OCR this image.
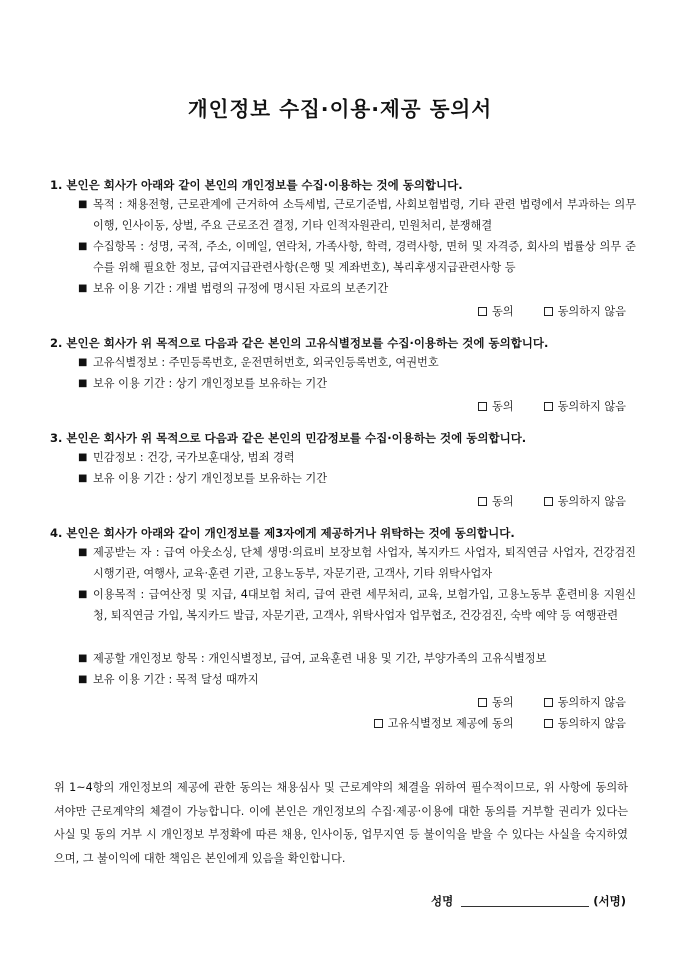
개인정보 수집·이용·제공 동의서
1. 본인은 회사가 아래와 같이 본인의 개인정보를 수집·이용하는 것에 동의합니다.
■ 목적 : 채용전형, 근로관계에 근거하여 소득세법, 근로기준법, 사회보험법령, 기타 관련 법령에서 부과하는 의무 이행, 인사이동, 상벌, 주요 근로조건 결정, 기타 인적자원관리, 민원처리, 분쟁해결
■ 수집항목 : 성명, 국적, 주소, 이메일, 연락처, 가족사항, 학력, 경력사항, 면허 및 자격증, 회사의 법률상 의무 준수를 위해 필요한 정보, 급여지급관련사항(은행 및 계좌번호), 복리후생지급관련사항 등
■ 보유 이용 기간 : 개별 법령의 규정에 명시된 자료의 보존기간
동의	동의하지 않음
2. 본인은 회사가 위 목적으로 다음과 같은 본인의 고유식별정보를 수집·이용하는 것에 동의합니다.
■ 고유식별정보 : 주민등록번호, 운전면허번호, 외국인등록번호, 여권번호
■ 보유 이용 기간 : 상기 개인정보를 보유하는 기간
동의	동의하지 않음
3. 본인은 회사가 위 목적으로 다음과 같은 본인의 민감정보를 수집·이용하는 것에 동의합니다.
■ 민감정보 : 건강, 국가보훈대상, 범죄 경력
■ 보유 이용 기간 : 상기 개인정보를 보유하는 기간
동의	동의하지 않음
4. 본인은 회사가 아래와 같이 개인정보를 제3자에게 제공하거나 위탁하는 것에 동의합니다.
■ 제공받는 자 : 급여 아웃소싱, 단체 생명·의료비 보장보험 사업자, 복지카드 사업자, 퇴직연금 사업자, 건강검진 시행기관, 여행사, 교육·훈련 기관, 고용노동부, 자문기관, 고객사, 기타 위탁사업자
■ 이용목적 : 급여산정 및 지급, 4대보험 처리, 급여 관련 세무처리, 교육, 보험가입, 고용노동부 훈련비용 지원신청, 퇴직연금 가입, 복지카드 발급, 자문기관, 고객사, 위탁사업자 업무협조, 건강검진, 숙박 예약 등 여행관련
■ 제공할 개인정보 항목 : 개인식별정보, 급여, 교육훈련 내용 및 기간, 부양가족의 고유식별정보
■ 보유 이용 기간 : 목적 달성 때까지
동의	동의하지 않음
고유식별정보 제공에 동의	동의하지 않음
위 1~4항의 개인정보의 제공에 관한 동의는 채용심사 및 근로계약의 체결을 위하여 필수적이므로, 위 사항에 동의하셔야만 근로계약의 체결이 가능합니다. 이에 본인은 개인정보의 수집·제공·이용에 대한 동의를 거부할 권리가 있다는 사실 및 동의 거부 시 개인정보 부정확에 따른 채용, 인사이동, 업무지연 등 불이익을 받을 수 있다는 사실을 숙지하였으며, 그 불이익에 대한 책임은 본인에게 있음을 확인합니다.
성명	(서명)
